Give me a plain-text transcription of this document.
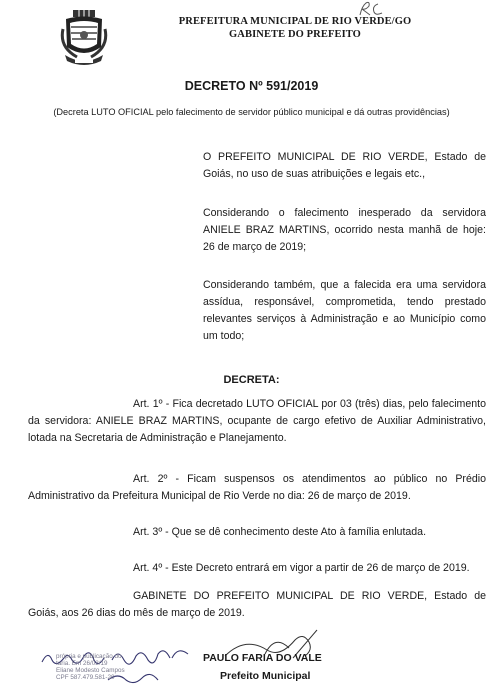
PREFEITURA MUNICIPAL DE RIO VERDE/GO
GABINETE DO PREFEITO
DECRETO Nº 591/2019
(Decreta LUTO OFICIAL pelo falecimento de servidor público municipal e dá outras providências)
O PREFEITO MUNICIPAL DE RIO VERDE, Estado de Goiás, no uso de suas atribuições e legais etc.,
Considerando o falecimento inesperado da servidora ANIELE BRAZ MARTINS, ocorrido nesta manhã de hoje: 26 de março de 2019;
Considerando também, que a falecida era uma servidora assídua, responsável, comprometida, tendo prestado relevantes serviços à Administração e ao Município como um todo;
DECRETA:
Art. 1º - Fica decretado LUTO OFICIAL por 03 (três) dias, pelo falecimento da servidora: ANIELE BRAZ MARTINS, ocupante de cargo efetivo de Auxiliar Administrativo, lotada na Secretaria de Administração e Planejamento.
Art. 2º - Ficam suspensos os atendimentos ao público no Prédio Administrativo da Prefeitura Municipal de Rio Verde no dia: 26 de março de 2019.
Art. 3º - Que se dê conhecimento deste Ato à família enlutada.
Art. 4º - Este Decreto entrará em vigor a partir de 26 de março de 2019.
GABINETE DO PREFEITO MUNICIPAL DE RIO VERDE, Estado de Goiás, aos 26 dias do mês de março de 2019.
PAULO FARIA DO VALE
Prefeito Municipal
própria e publicação do
taria. Em 26/03/19
Eliane Modesto Campos
CPF 587.479.581-20
